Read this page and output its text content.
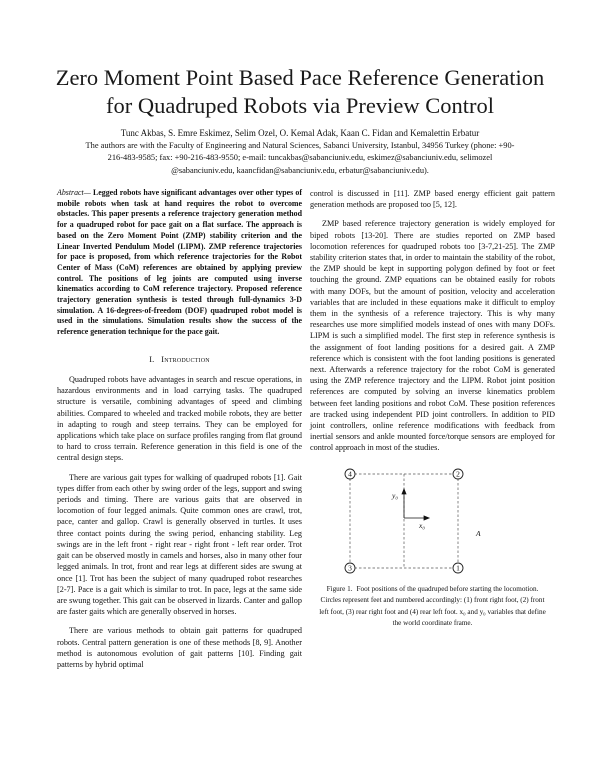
Zero Moment Point Based Pace Reference Generation
for Quadruped Robots via Preview Control
Tunc Akbas, S. Emre Eskimez, Selim Ozel, O. Kemal Adak, Kaan C. Fidan and Kemalettin Erbatur
The authors are with the Faculty of Engineering and Natural Sciences, Sabanci University, Istanbul, 34956 Turkey (phone: +90-
216-483-9585; fax: +90-216-483-9550; e-mail: tuncakbas@sabanciuniv.edu, eskimez@sabanciuniv.edu, selimozel
@sabanciuniv.edu, kaancfidan@sabanciuniv.edu, erbatur@sabanciuniv.edu).
Abstract— Legged robots have significant advantages over other types of mobile robots when task at hand requires the robot to overcome obstacles. This paper presents a reference trajectory generation method for a quadruped robot for pace gait on a flat surface. The approach is based on the Zero Moment Point (ZMP) stability criterion and the Linear Inverted Pendulum Model (LIPM). ZMP reference trajectories for pace is proposed, from which reference trajectories for the Robot Center of Mass (CoM) references are obtained by applying preview control. The positions of leg joints are computed using inverse kinematics according to CoM reference trajectory. Proposed reference trajectory generation synthesis is tested through full-dynamics 3-D simulation. A 16-degrees-of-freedom (DOF) quadruped robot model is used in the simulations. Simulation results show the success of the reference generation technique for the pace gait.
I. Introduction

Quadruped robots have advantages in search and rescue operations, in hazardous environments and in load carrying tasks. The quadruped structure is versatile, combining advantages of speed and climbing abilities. Compared to wheeled and tracked mobile robots, they are better in adapting to rough and steep terrains. They can be employed for applications which take place on surface profiles ranging from flat ground to hard to cross terrain. Reference generation in this field is one of the central design steps.

There are various gait types for walking of quadruped robots [1]. Gait types differ from each other by swing order of the legs, support and swing periods and timing. There are various gaits that are observed in locomotion of four legged animals. Quite common ones are crawl, trot, pace, canter and gallop. Crawl is generally observed in turtles. It uses three contact points during the swing period, enhancing stability. Leg swings are in the left front - right rear - right front - left rear order. Trot gait can be observed mostly in camels and horses, also in many other four legged animals. In trot, front and rear legs at different sides are swung at once [1]. Trot has been the subject of many quadruped robot researches [2-7]. Pace is a gait which is similar to trot. In pace, legs at the same side are swung together. This gait can be observed in lizards. Canter and gallop are faster gaits which are generally observed in horses.

There are various methods to obtain gait patterns for quadruped robots. Central pattern generation is one of these methods [8, 9]. Another method is autonomous evolution of gait patterns [10]. Finding gait patterns by hybrid optimal

control is discussed in [11]. ZMP based energy efficient gait pattern generation methods are proposed too [5, 12].

ZMP based reference trajectory generation is widely employed for biped robots [13-20]. There are studies reported on ZMP based locomotion references for quadruped robots too [3-7,21-25]. The ZMP stability criterion states that, in order to maintain the stability of the robot, the ZMP should be kept in supporting polygon defined by foot or feet touching the ground. ZMP equations can be obtained easily for robots with many DOFs, but the amount of position, velocity and acceleration variables that are included in these equations make it difficult to employ them in the synthesis of a reference trajectory. This is why many researches use more simplified models instead of ones with many DOFs. LIPM is such a simplified model. The first step in reference synthesis is the assignment of foot landing positions for a desired gait. A ZMP reference which is consistent with the foot landing positions is generated next. Afterwards a reference trajectory for the robot CoM is generated using the ZMP reference trajectory and the LIPM. Robot joint position references are computed by solving an inverse kinematics problem between feet landing positions and robot CoM. These position references are tracked using independent PID joint controllers. In addition to PID joint controllers, online reference modifications with feedback from inertial sensors and ankle mounted force/torque sensors are employed for control approach in most of the studies.

4	2
3	1
y₀
x₀
A
Figure 1. Foot positions of the quadruped before starting the locomotion. Circles represent feet and numbered accordingly: (1) front right foot, (2) front left foot, (3) rear right foot and (4) rear left foot. x₀ and y₀ variables that define the world coordinate frame.
